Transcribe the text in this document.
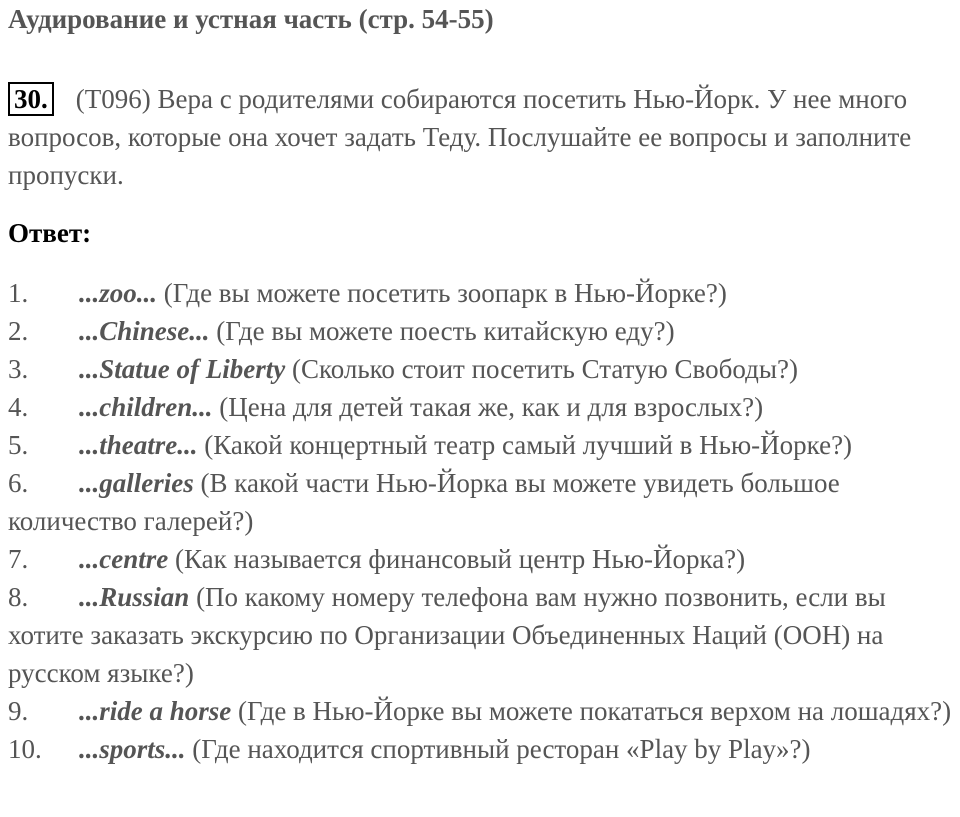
Аудирование и устная часть (стр. 54-55)
30. (T096) Вера с родителями собираются посетить Нью-Йорк. У нее много вопросов, которые она хочет задать Теду. Послушайте ее вопросы и заполните пропуски.
Ответ:
1. ...zoo... (Где вы можете посетить зоопарк в Нью-Йорке?)
2. ...Chinese... (Где вы можете поесть китайскую еду?)
3. ...Statue of Liberty (Сколько стоит посетить Статую Свободы?)
4. ...children... (Цена для детей такая же, как и для взрослых?)
5. ...theatre... (Какой концертный театр самый лучший в Нью-Йорке?)
6. ...galleries (В какой части Нью-Йорка вы можете увидеть большое количество галерей?)
7. ...centre (Как называется финансовый центр Нью-Йорка?)
8. ...Russian (По какому номеру телефона вам нужно позвонить, если вы хотите заказать экскурсию по Организации Объединенных Наций (ООН) на русском языке?)
9. ...ride a horse (Где в Нью-Йорке вы можете покататься верхом на лошадях?)
10. ...sports... (Где находится спортивный ресторан «Play by Play»?)
